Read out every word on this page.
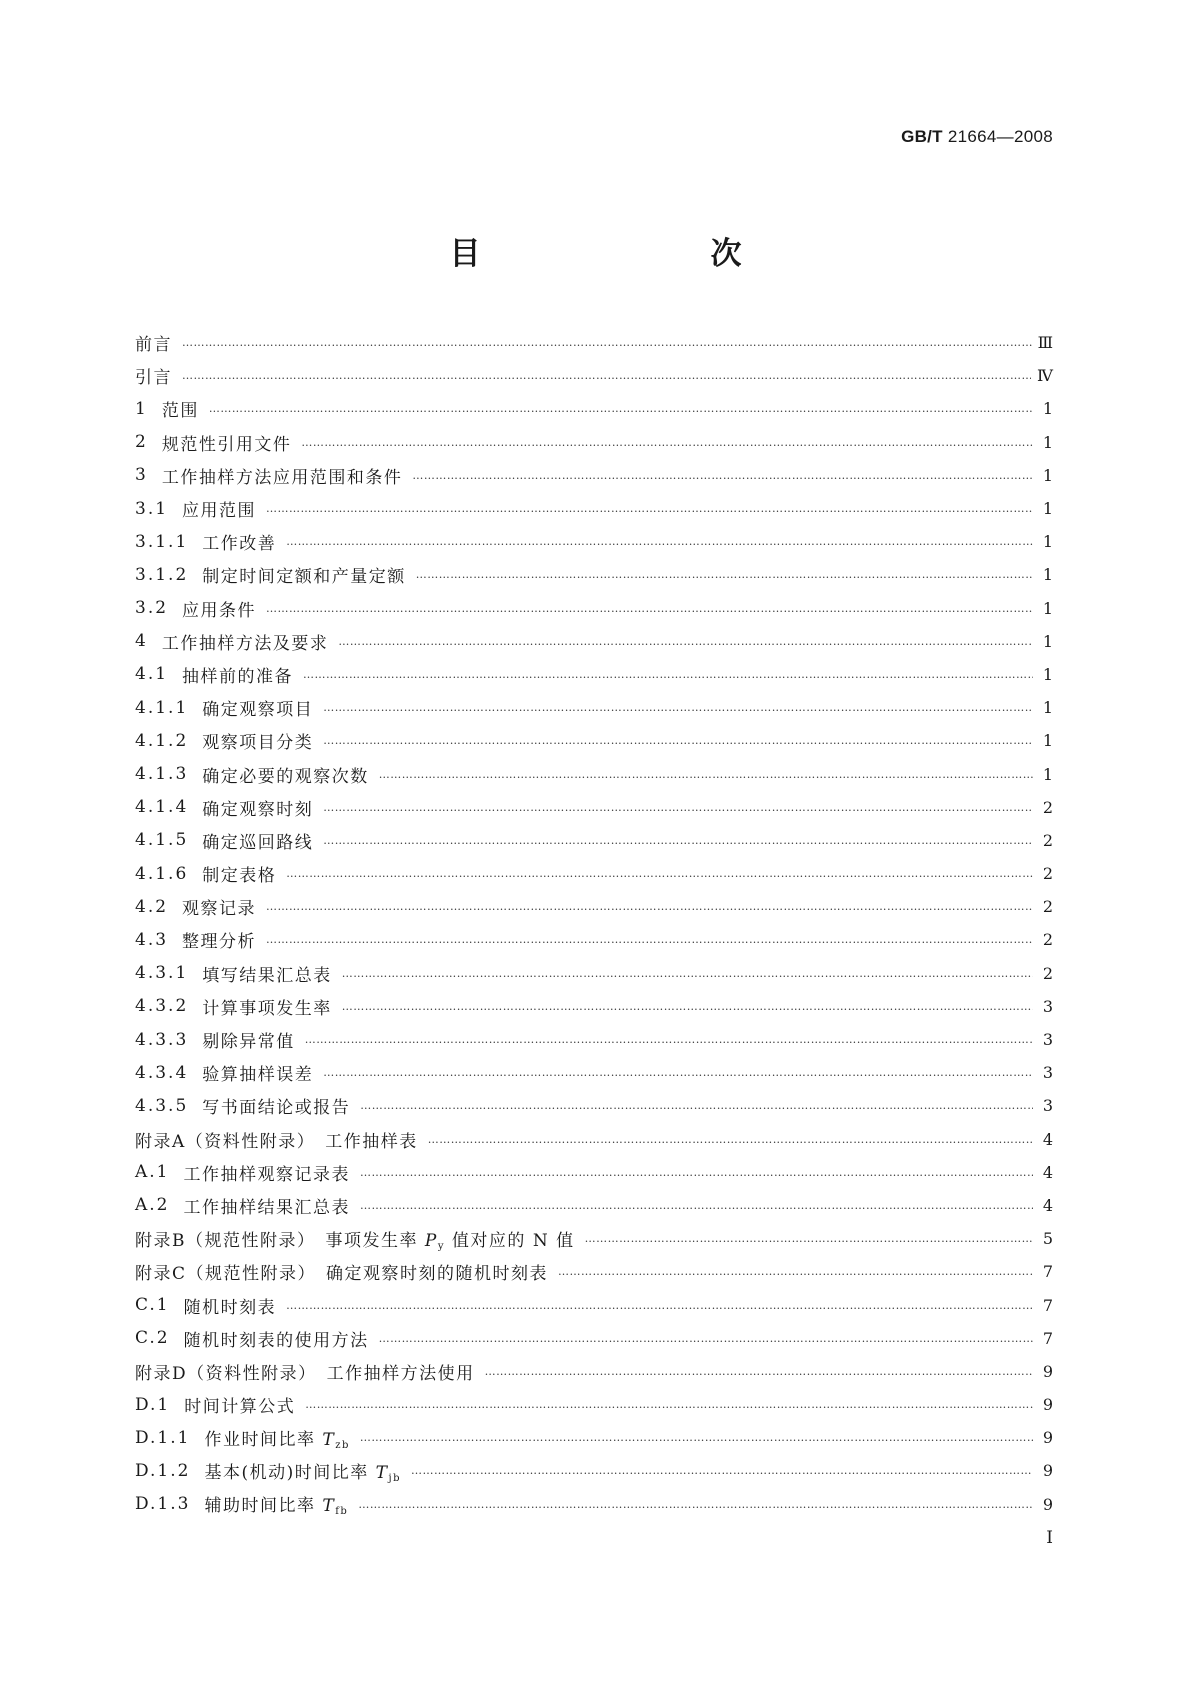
GB/T 21664—2008
目　　次
前言 ……………………………………………………………………………………………………………………………………………………………………………………………………………………………………………………	Ⅲ
引言 ……………………………………………………………………………………………………………………………………………………………………………………………………………………………………………………	Ⅳ
1 范围 ……………………………………………………………………………………………………………………………………………………………………………………………………………………………………………………	1
2 规范性引用文件 ……………………………………………………………………………………………………………………………………………………………………………………………………………………………………………………	1
3 工作抽样方法应用范围和条件 ……………………………………………………………………………………………………………………………………………………………………………………………………………………………………………………	1
3.1 应用范围 ……………………………………………………………………………………………………………………………………………………………………………………………………………………………………………………	1
3.1.1 工作改善 ……………………………………………………………………………………………………………………………………………………………………………………………………………………………………………………	1
3.1.2 制定时间定额和产量定额 ……………………………………………………………………………………………………………………………………………………………………………………………………………………………………………………	1
3.2 应用条件 ……………………………………………………………………………………………………………………………………………………………………………………………………………………………………………………	1
4 工作抽样方法及要求 ……………………………………………………………………………………………………………………………………………………………………………………………………………………………………………………	1
4.1 抽样前的准备 ……………………………………………………………………………………………………………………………………………………………………………………………………………………………………………………	1
4.1.1 确定观察项目 ……………………………………………………………………………………………………………………………………………………………………………………………………………………………………………………	1
4.1.2 观察项目分类 ……………………………………………………………………………………………………………………………………………………………………………………………………………………………………………………	1
4.1.3 确定必要的观察次数 ……………………………………………………………………………………………………………………………………………………………………………………………………………………………………………………	1
4.1.4 确定观察时刻 ……………………………………………………………………………………………………………………………………………………………………………………………………………………………………………………	2
4.1.5 确定巡回路线 ……………………………………………………………………………………………………………………………………………………………………………………………………………………………………………………	2
4.1.6 制定表格 ……………………………………………………………………………………………………………………………………………………………………………………………………………………………………………………	2
4.2 观察记录 ……………………………………………………………………………………………………………………………………………………………………………………………………………………………………………………	2
4.3 整理分析 ……………………………………………………………………………………………………………………………………………………………………………………………………………………………………………………	2
4.3.1 填写结果汇总表 ……………………………………………………………………………………………………………………………………………………………………………………………………………………………………………………	2
4.3.2 计算事项发生率 ……………………………………………………………………………………………………………………………………………………………………………………………………………………………………………………	3
4.3.3 剔除异常值 ……………………………………………………………………………………………………………………………………………………………………………………………………………………………………………………	3
4.3.4 验算抽样误差 ……………………………………………………………………………………………………………………………………………………………………………………………………………………………………………………	3
4.3.5 写书面结论或报告 ……………………………………………………………………………………………………………………………………………………………………………………………………………………………………………………	3
附录A（资料性附录）　工作抽样表 ……………………………………………………………………………………………………………………………………………………………………………………………………………………………………………………	4
A.1 工作抽样观察记录表 ……………………………………………………………………………………………………………………………………………………………………………………………………………………………………………………	4
A.2 工作抽样结果汇总表 ……………………………………………………………………………………………………………………………………………………………………………………………………………………………………………………	4
附录B（规范性附录）　事项发生率 $P_y$ 值对应的 N 值 ……………………………………………………………………………………………………………………………………………………………………………………………………………………………………………………	5
附录C（规范性附录）　确定观察时刻的随机时刻表 ……………………………………………………………………………………………………………………………………………………………………………………………………………………………………………………	7
C.1 随机时刻表 ……………………………………………………………………………………………………………………………………………………………………………………………………………………………………………………	7
C.2 随机时刻表的使用方法 ……………………………………………………………………………………………………………………………………………………………………………………………………………………………………………………	7
附录D（资料性附录）　工作抽样方法使用 ……………………………………………………………………………………………………………………………………………………………………………………………………………………………………………………	9
D.1 时间计算公式 ……………………………………………………………………………………………………………………………………………………………………………………………………………………………………………………	9
D.1.1 作业时间比率 $T_{zb}$ ……………………………………………………………………………………………………………………………………………………………………………………………………………………………………………………	9
D.1.2 基本(机动)时间比率 $T_{jb}$ ……………………………………………………………………………………………………………………………………………………………………………………………………………………………………………………	9
D.1.3 辅助时间比率 $T_{fb}$ ……………………………………………………………………………………………………………………………………………………………………………………………………………………………………………………	9
I
